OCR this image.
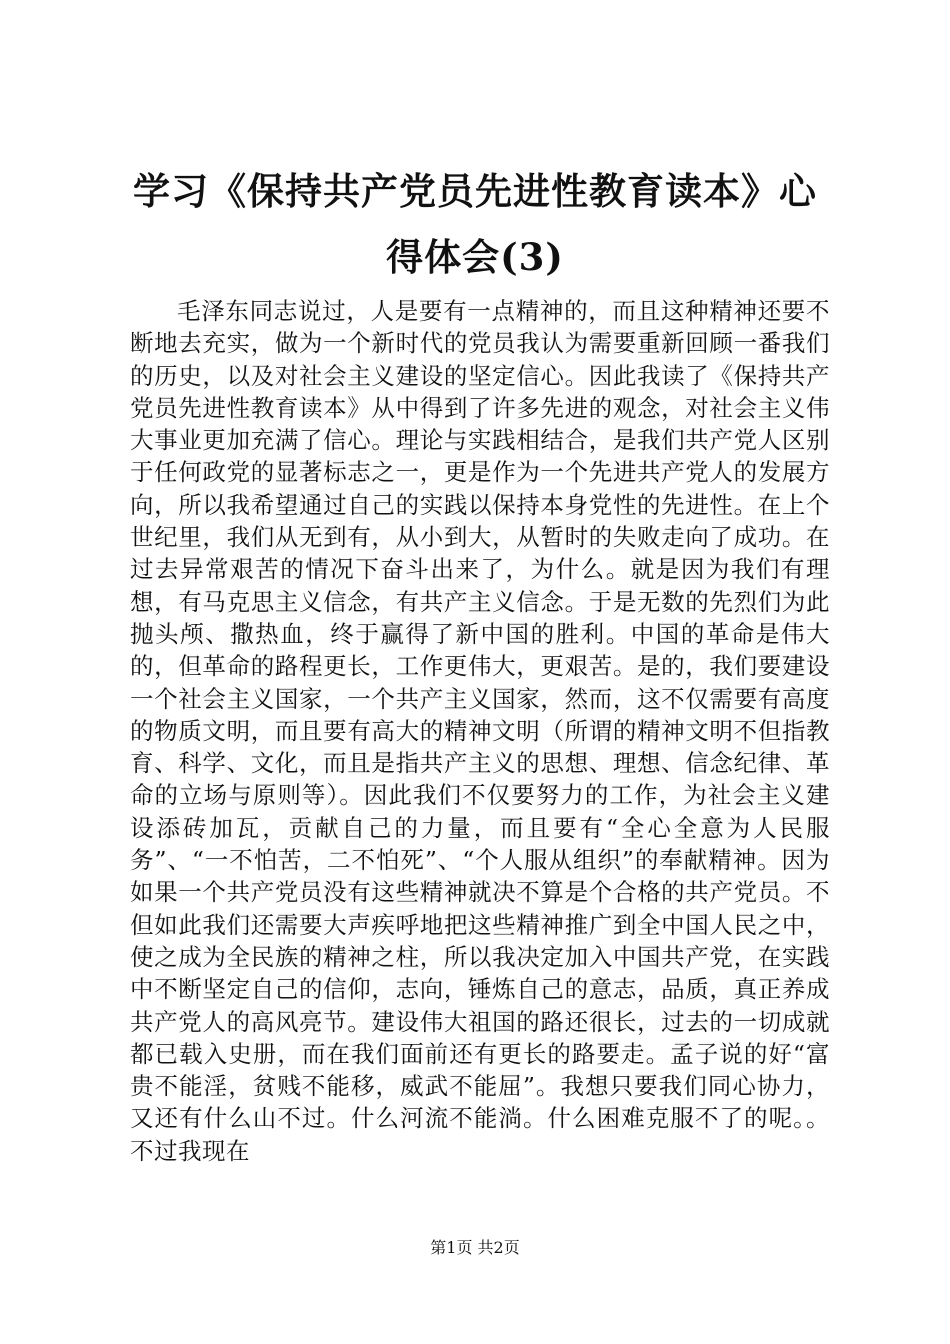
学习《保持共产党员先进性教育读本》心得体会(3)

毛泽东同志说过，人是要有一点精神的，而且这种精神还要不断地去充实，做为一个新时代的党员我认为需要重新回顾一番我们的历史，以及对社会主义建设的坚定信心。因此我读了《保持共产党员先进性教育读本》从中得到了许多先进的观念，对社会主义伟大事业更加充满了信心。理论与实践相结合，是我们共产党人区别于任何政党的显著标志之一，更是作为一个先进共产党人的发展方向，所以我希望通过自己的实践以保持本身党性的先进性。在上个世纪里，我们从无到有，从小到大，从暂时的失败走向了成功。在过去异常艰苦的情况下奋斗出来了，为什么。就是因为我们有理想，有马克思主义信念，有共产主义信念。于是无数的先烈们为此抛头颅、撒热血，终于赢得了新中国的胜利。中国的革命是伟大的，但革命的路程更长，工作更伟大，更艰苦。是的，我们要建设一个社会主义国家，一个共产主义国家，然而，这不仅需要有高度的物质文明，而且要有高大的精神文明（所谓的精神文明不但指教育、科学、文化，而且是指共产主义的思想、理想、信念纪律、革命的立场与原则等）。因此我们不仅要努力的工作，为社会主义建设添砖加瓦，贡献自己的力量，而且要有“全心全意为人民服务”、“一不怕苦，二不怕死”、“个人服从组织”的奉献精神。因为如果一个共产党员没有这些精神就决不算是个合格的共产党员。不但如此我们还需要大声疾呼地把这些精神推广到全中国人民之中，使之成为全民族的精神之柱，所以我决定加入中国共产党，在实践中不断坚定自己的信仰，志向，锤炼自己的意志，品质，真正养成共产党人的高风亮节。建设伟大祖国的路还很长，过去的一切成就都已载入史册，而在我们面前还有更长的路要走。孟子说的好“富贵不能淫，贫贱不能移，威武不能屈”。我想只要我们同心协力，又还有什么山不过。什么河流不能淌。什么困难克服不了的呢。。不过我现在

第1页 共2页
